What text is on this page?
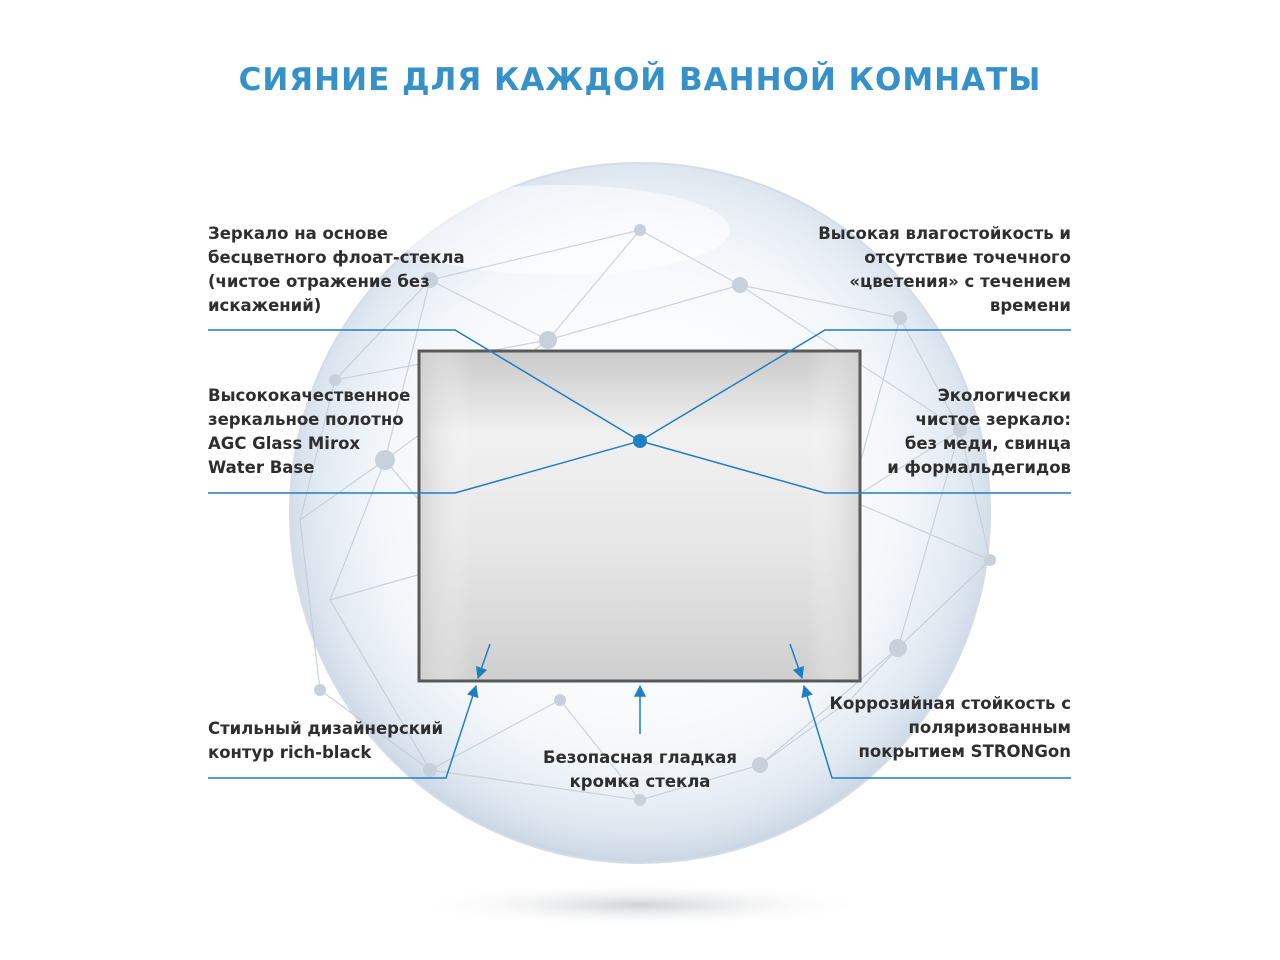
СИЯНИЕ ДЛЯ КАЖДОЙ ВАННОЙ КОМНАТЫ
Зеркало на основе
бесцветного флоат-стекла
(чистое отражение без
искажений)
Высокая влагостойкость и
отсутствие точечного
«цветения» с течением
времени
Высококачественное
зеркальное полотно
AGC Glass Mirox
Water Base
Экологически
чистое зеркало:
без меди, свинца
и формальдегидов
Стильный дизайнерский
контур rich-black	Безопасная гладкая
кромка стекла
Коррозийная стойкость с
поляризованным
покрытием STRONGon
